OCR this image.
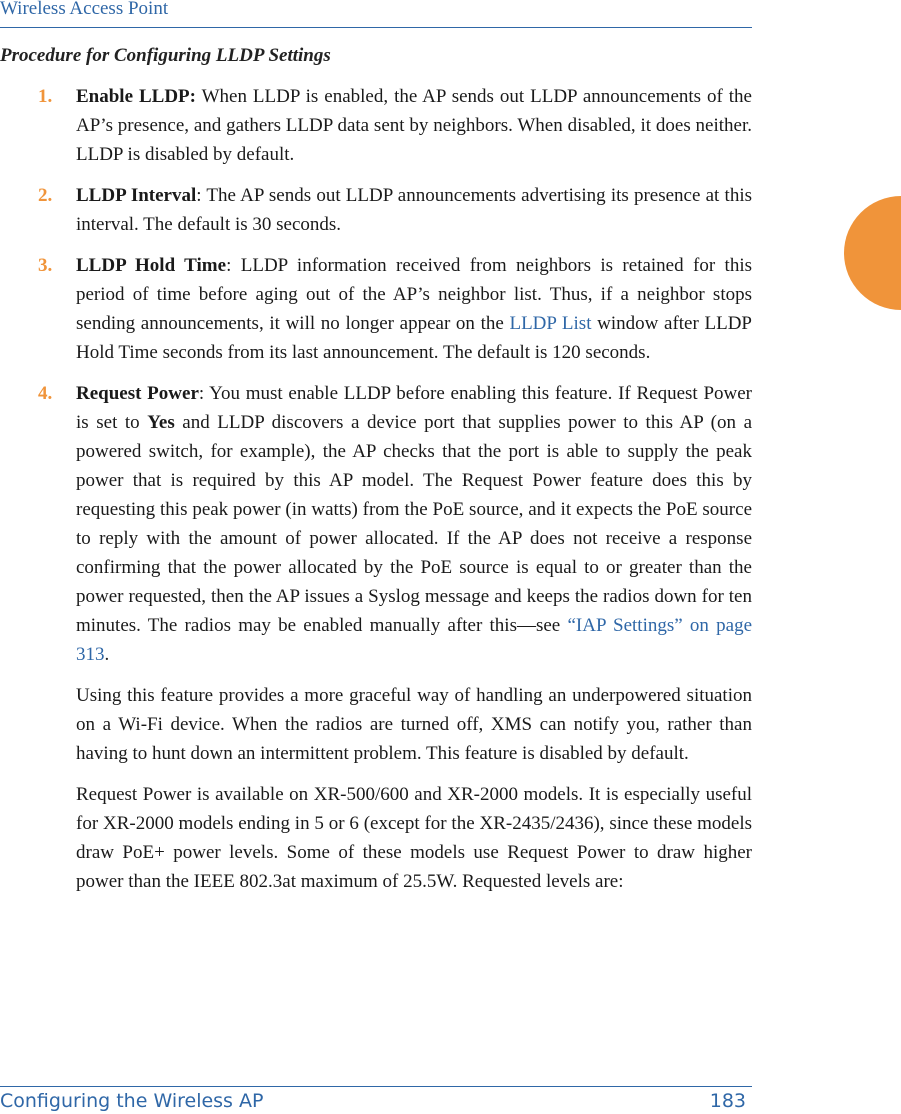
Wireless Access Point
Procedure for Configuring LLDP Settings
1. Enable LLDP: When LLDP is enabled, the AP sends out LLDP announcements of the AP’s presence, and gathers LLDP data sent by neighbors. When disabled, it does neither. LLDP is disabled by default.
2. LLDP Interval: The AP sends out LLDP announcements advertising its presence at this interval. The default is 30 seconds.
3. LLDP Hold Time: LLDP information received from neighbors is retained for this period of time before aging out of the AP’s neighbor list. Thus, if a neighbor stops sending announcements, it will no longer appear on the LLDP List window after LLDP Hold Time seconds from its last announcement. The default is 120 seconds.
4. Request Power: You must enable LLDP before enabling this feature. If Request Power is set to Yes and LLDP discovers a device port that supplies power to this AP (on a powered switch, for example), the AP checks that the port is able to supply the peak power that is required by this AP model. The Request Power feature does this by requesting this peak power (in watts) from the PoE source, and it expects the PoE source to reply with the amount of power allocated. If the AP does not receive a response confirming that the power allocated by the PoE source is equal to or greater than the power requested, then the AP issues a Syslog message and keeps the radios down for ten minutes. The radios may be enabled manually after this—see “IAP Settings” on page 313.
Using this feature provides a more graceful way of handling an underpowered situation on a Wi-Fi device. When the radios are turned off, XMS can notify you, rather than having to hunt down an intermittent problem. This feature is disabled by default.
Request Power is available on XR-500/600 and XR-2000 models. It is especially useful for XR-2000 models ending in 5 or 6 (except for the XR-2435/2436), since these models draw PoE+ power levels. Some of these models use Request Power to draw higher power than the IEEE 802.3at maximum of 25.5W. Requested levels are:
Configuring the Wireless AP	183
